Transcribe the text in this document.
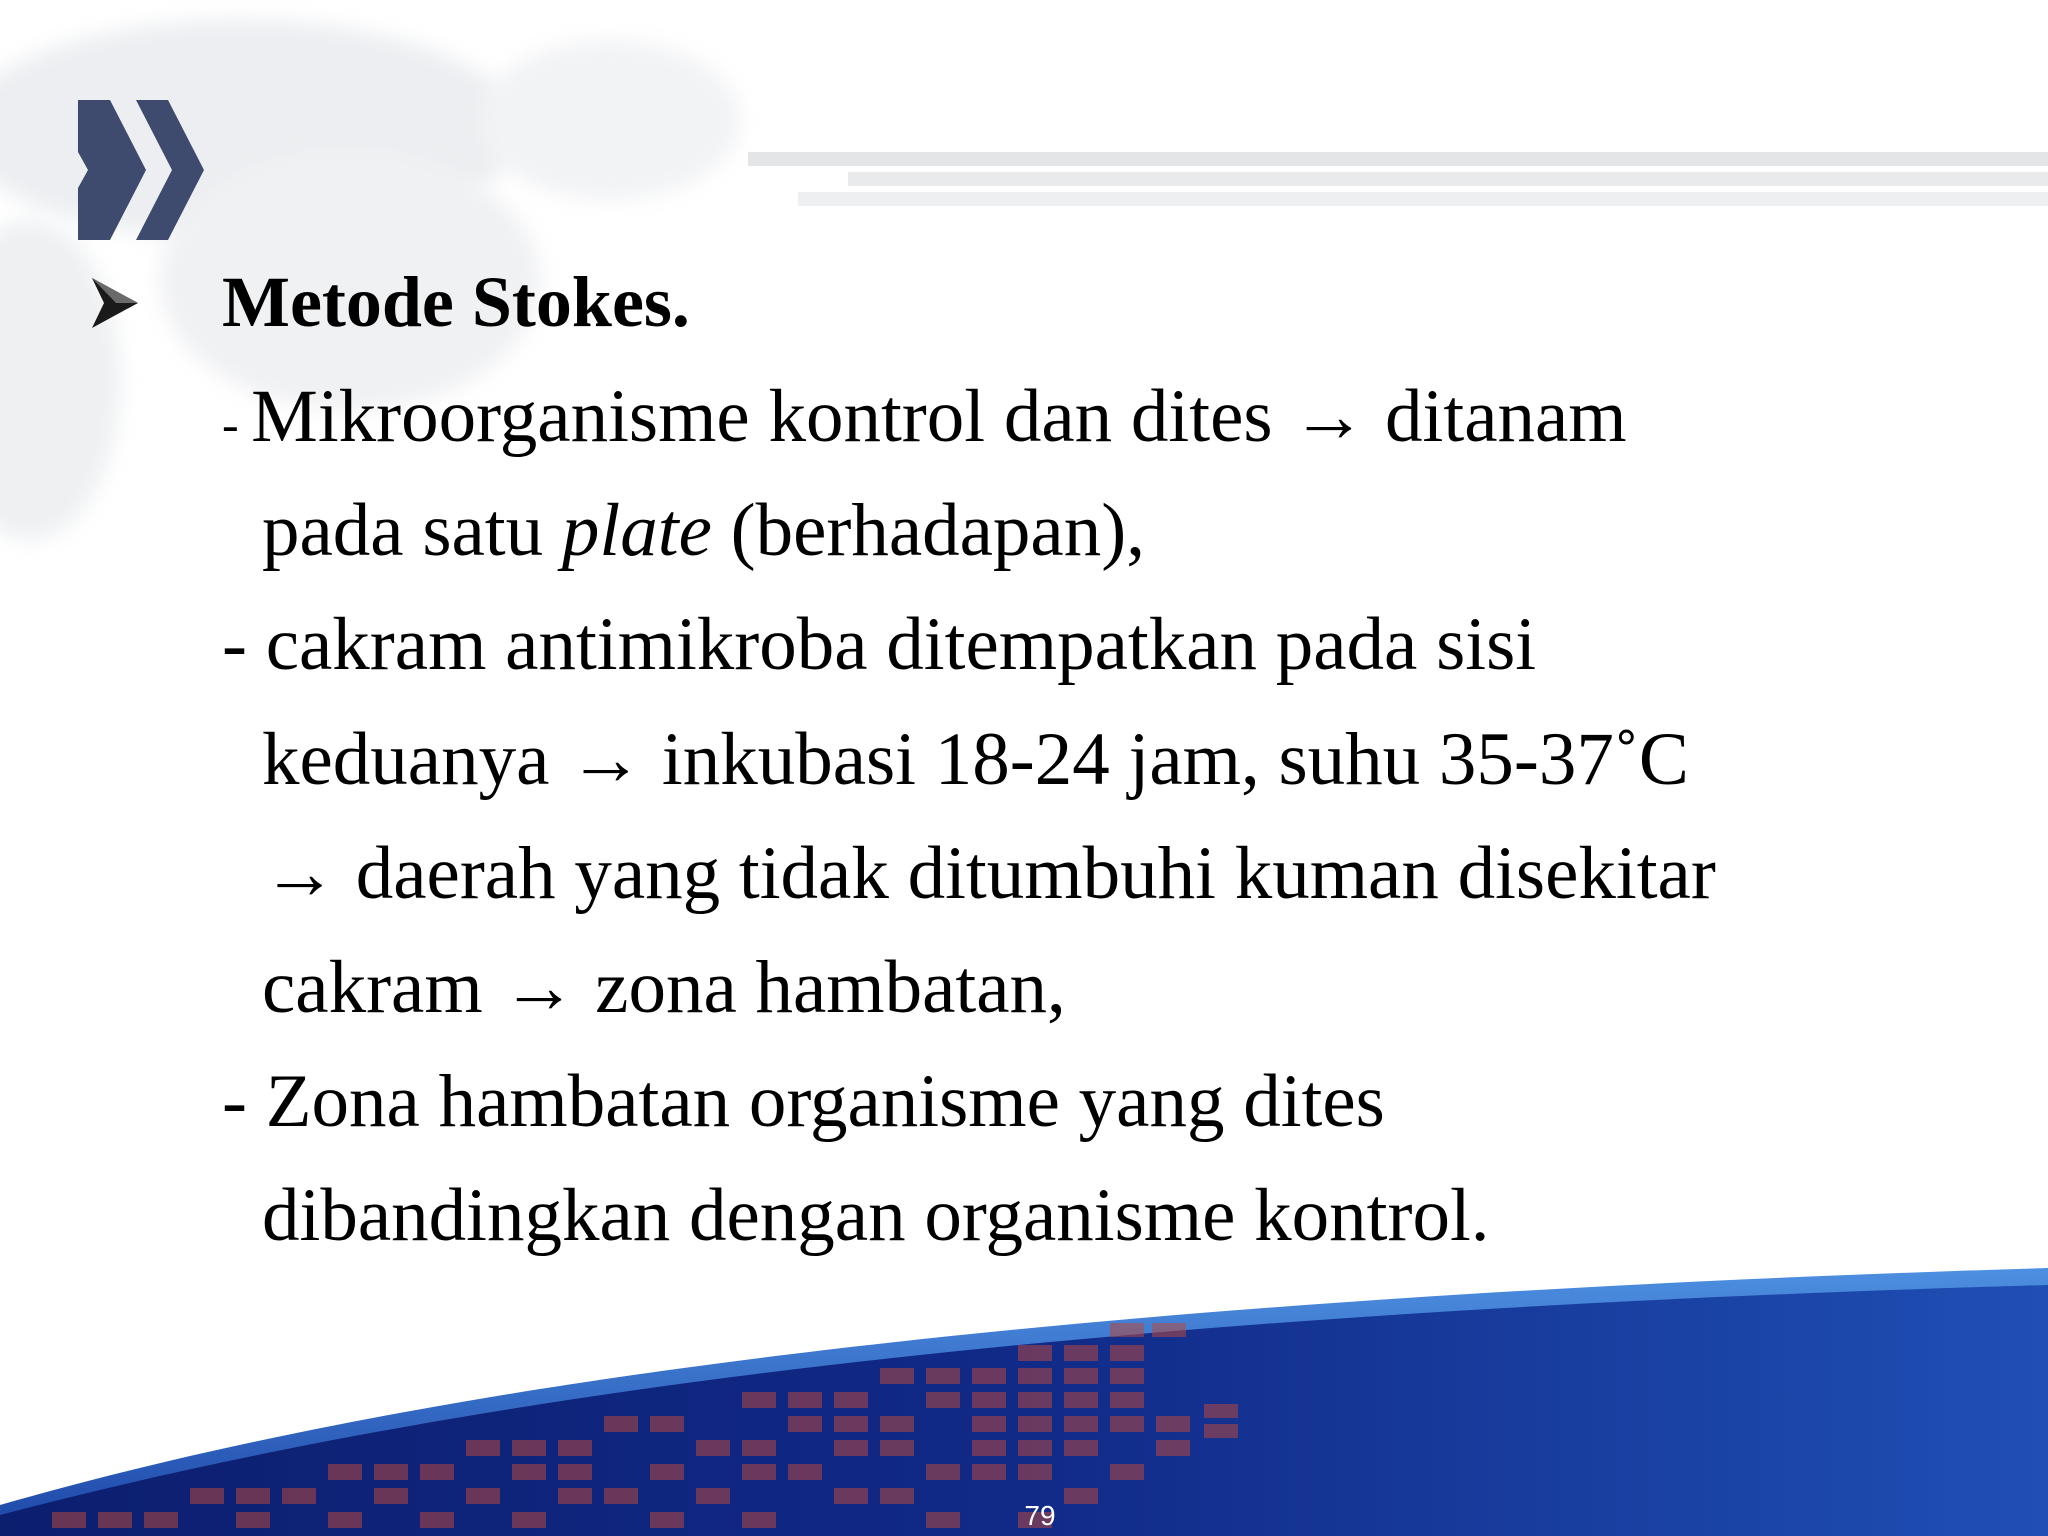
Metode Stokes.
- Mikroorganisme kontrol dan dites → ditanam
pada satu plate (berhadapan),
- cakram antimikroba ditempatkan pada sisi
keduanya → inkubasi 18-24 jam, suhu 35-37˚C
→ daerah yang tidak ditumbuhi kuman disekitar
cakram → zona hambatan,
- Zona hambatan organisme yang dites
dibandingkan dengan organisme kontrol.
79
